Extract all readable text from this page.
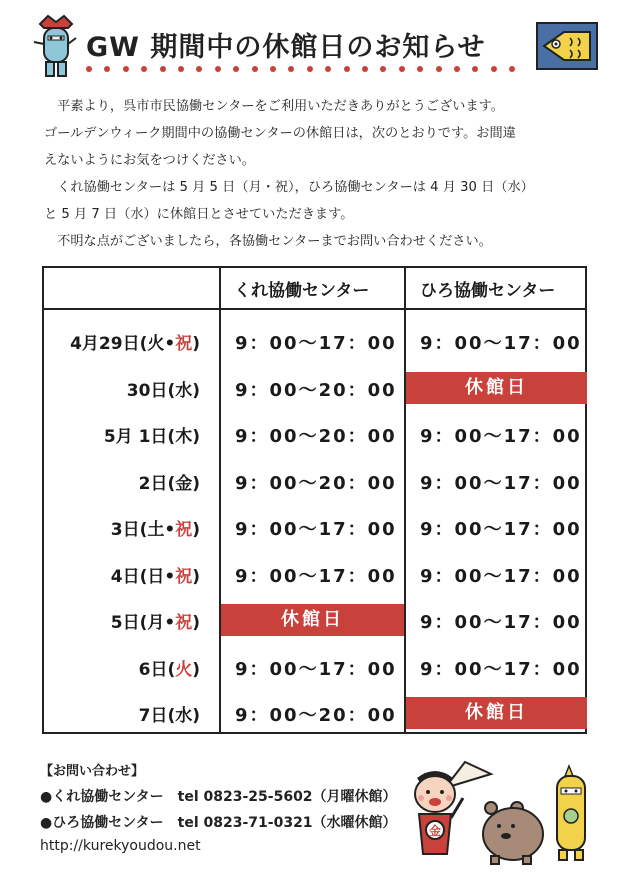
GW 期間中の休館日のお知らせ
　平素より，呉市市民協働センターをご利用いただきありがとうございます。
ゴールデンウィーク期間中の協働センターの休館日は，次のとおりです。お間違
えないようにお気をつけください。
　くれ協働センターは 5 月 5 日（月・祝），ひろ協働センターは 4 月 30 日（水）
と 5 月 7 日（水）に休館日とさせていただきます。
　不明な点がございましたら，各協働センターまでお問い合わせください。
くれ協働センター	ひろ協働センター
4月29日(火•祝) 9：00〜17：00 9：00〜17：00
30日(水) 9：00〜20：00	休館日
5月 1日(木) 9：00〜20：00 9：00〜17：00
2日(金) 9：00〜20：00 9：00〜17：00
3日(土•祝) 9：00〜17：00 9：00〜17：00
4日(日•祝) 9：00〜17：00 9：00〜17：00
5日(月•祝)	休館日	9：00〜17：00
6日(火) 9：00〜17：00 9：00〜17：00
7日(水) 9：00〜20：00	休館日
【お問い合わせ】
●くれ協働センター　tel 0823-25-5602（月曜休館）
●ひろ協働センター　tel 0823-71-0321（水曜休館）
http://kurekyoudou.net
金
